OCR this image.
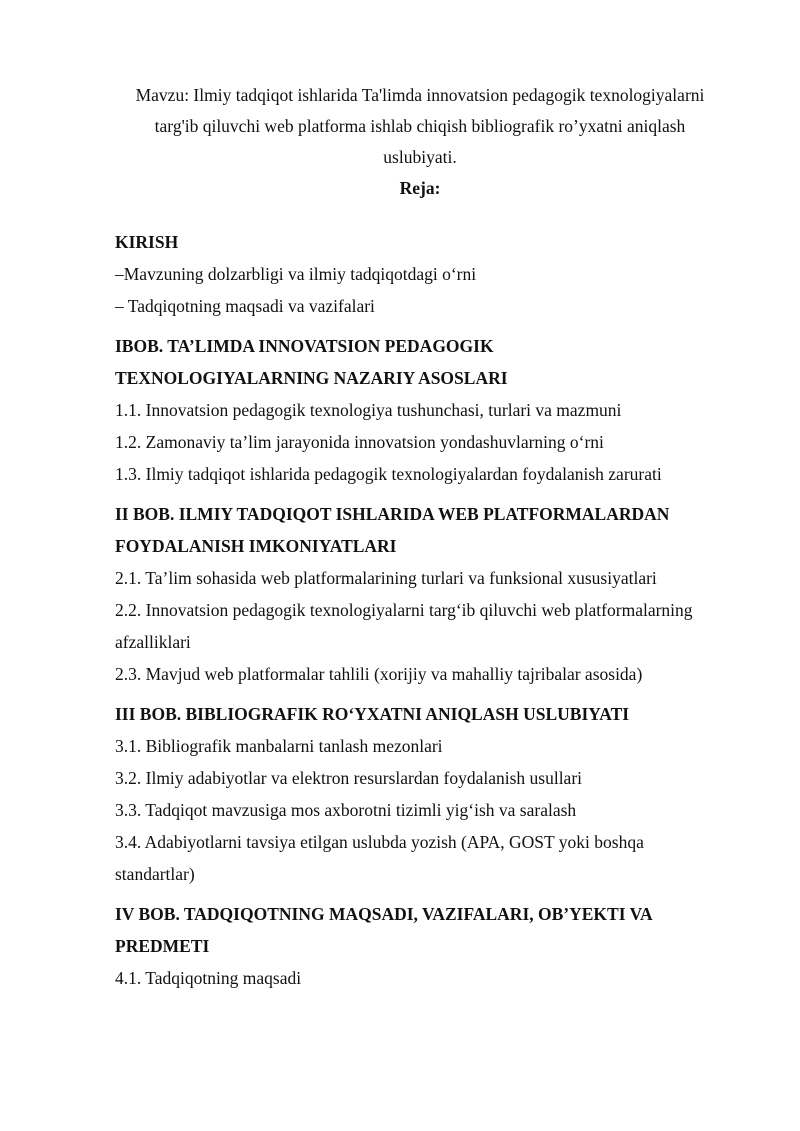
Mavzu: Ilmiy tadqiqot ishlarida Ta'limda innovatsion pedagogik texnologiyalarni
targ'ib qiluvchi web platforma ishlab chiqish bibliografik ro’yxatni aniqlash
uslubiyati.
Reja:
KIRISH
–Mavzuning dolzarbligi va ilmiy tadqiqotdagi o‘rni
– Tadqiqotning maqsadi va vazifalari
IBOB. TA’LIMDA INNOVATSION PEDAGOGIK
TEXNOLOGIYALARNING NAZARIY ASOSLARI
1.1. Innovatsion pedagogik texnologiya tushunchasi, turlari va mazmuni
1.2. Zamonaviy ta’lim jarayonida innovatsion yondashuvlarning o‘rni
1.3. Ilmiy tadqiqot ishlarida pedagogik texnologiyalardan foydalanish zarurati
II BOB. ILMIY TADQIQOT ISHLARIDA WEB PLATFORMALARDAN
FOYDALANISH IMKONIYATLARI
2.1. Ta’lim sohasida web platformalarining turlari va funksional xususiyatlari
2.2. Innovatsion pedagogik texnologiyalarni targ‘ib qiluvchi web platformalarning
afzalliklari
2.3. Mavjud web platformalar tahlili (xorijiy va mahalliy tajribalar asosida)
III BOB. BIBLIOGRAFIK RO‘YXATNI ANIQLASH USLUBIYATI
3.1. Bibliografik manbalarni tanlash mezonlari
3.2. Ilmiy adabiyotlar va elektron resurslardan foydalanish usullari
3.3. Tadqiqot mavzusiga mos axborotni tizimli yig‘ish va saralash
3.4. Adabiyotlarni tavsiya etilgan uslubda yozish (APA, GOST yoki boshqa
standartlar)
IV BOB. TADQIQOTNING MAQSADI, VAZIFALARI, OB’YEKTI VA
PREDMETI
4.1. Tadqiqotning maqsadi
